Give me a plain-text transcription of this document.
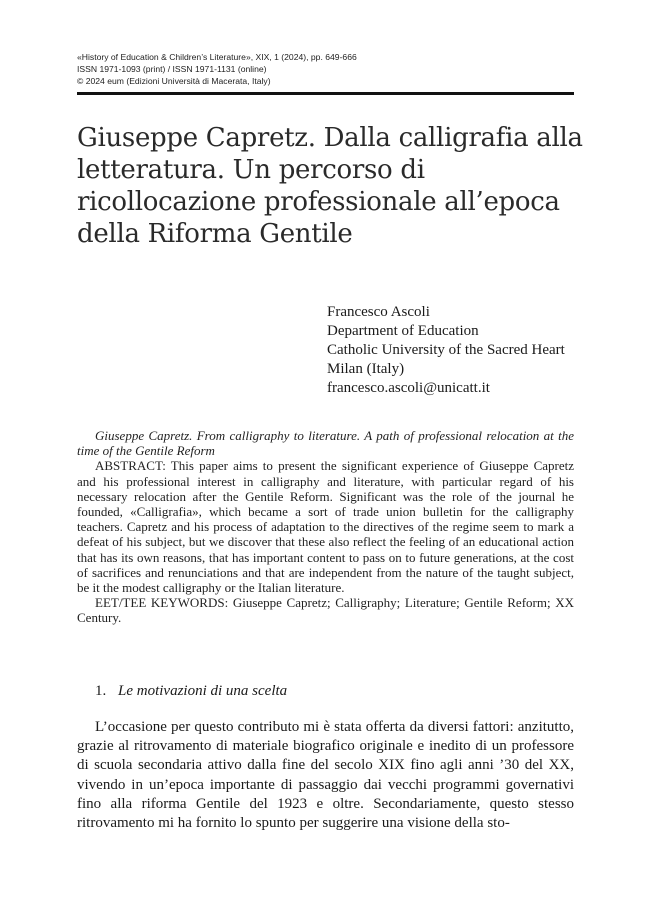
«History of Education & Children’s Literature», XIX, 1 (2024), pp. 649-666
ISSN 1971-1093 (print) / ISSN 1971-1131 (online)
© 2024 eum (Edizioni Università di Macerata, Italy)
Giuseppe Capretz. Dalla calligrafia alla letteratura. Un percorso di ricollocazione professionale all’epoca della Riforma Gentile
Francesco Ascoli
Department of Education
Catholic University of the Sacred Heart
Milan (Italy)
francesco.ascoli@unicatt.it

Giuseppe Capretz. From calligraphy to literature. A path of professional relocation at the time of the Gentile Reform

ABSTRACT: This paper aims to present the significant experience of Giuseppe Capretz and his professional interest in calligraphy and literature, with particular regard of his necessary relocation after the Gentile Reform. Significant was the role of the journal he founded, «Calligrafia», which became a sort of trade union bulletin for the calligraphy teachers. Capretz and his process of adaptation to the directives of the regime seem to mark a defeat of his subject, but we discover that these also reflect the feeling of an educational action that has its own reasons, that has important content to pass on to future generations, at the cost of sacrifices and renunciations and that are independent from the nature of the taught subject, be it the modest calligraphy or the Italian literature.

EET/TEE KEYWORDS: Giuseppe Capretz; Calligraphy; Literature; Gentile Reform; XX Century.

1. Le motivazioni di una scelta

L’occasione per questo contributo mi è stata offerta da diversi fattori: anzitutto, grazie al ritrovamento di materiale biografico originale e inedito di un professore di scuola secondaria attivo dalla fine del secolo XIX fino agli anni ’30 del XX, vivendo in un’epoca importante di passaggio dai vecchi programmi governativi fino alla riforma Gentile del 1923 e oltre. Secondariamente, questo stesso ritrovamento mi ha fornito lo spunto per suggerire una visione della sto-
